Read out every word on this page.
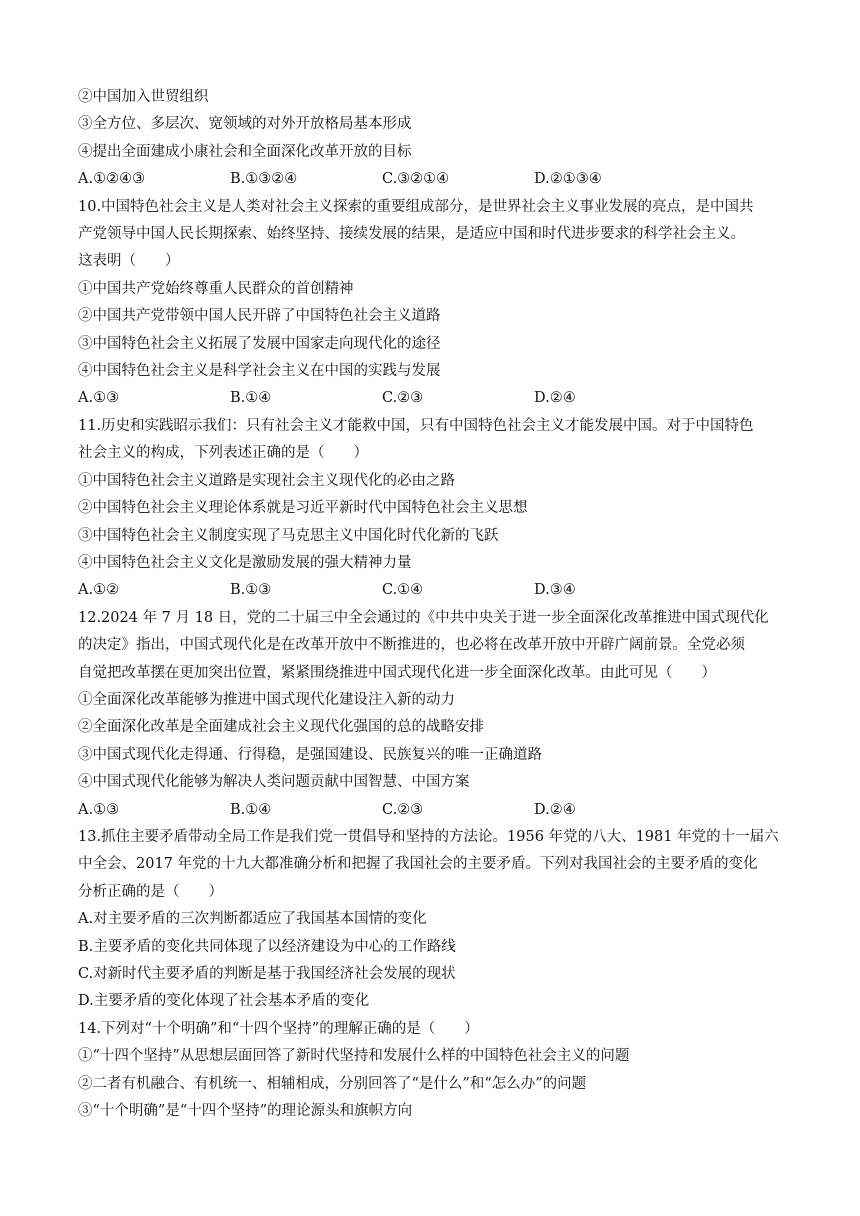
②中国加入世贸组织
③全方位、多层次、宽领域的对外开放格局基本形成
④提出全面建成小康社会和全面深化改革开放的目标
A.①②④③	B.①③②④	C.③②①④	D.②①③④
10.中国特色社会主义是人类对社会主义探索的重要组成部分，是世界社会主义事业发展的亮点，是中国共
产党领导中国人民长期探索、始终坚持、接续发展的结果，是适应中国和时代进步要求的科学社会主义。
这表明（　　）
①中国共产党始终尊重人民群众的首创精神
②中国共产党带领中国人民开辟了中国特色社会主义道路
③中国特色社会主义拓展了发展中国家走向现代化的途径
④中国特色社会主义是科学社会主义在中国的实践与发展
A.①③	B.①④	C.②③	D.②④
11.历史和实践昭示我们：只有社会主义才能救中国，只有中国特色社会主义才能发展中国。对于中国特色
社会主义的构成，下列表述正确的是（　　）
①中国特色社会主义道路是实现社会主义现代化的必由之路
②中国特色社会主义理论体系就是习近平新时代中国特色社会主义思想
③中国特色社会主义制度实现了马克思主义中国化时代化新的飞跃
④中国特色社会主义文化是激励发展的强大精神力量
A.①②	B.①③	C.①④	D.③④
12.2024 年 7 月 18 日，党的二十届三中全会通过的《中共中央关于进一步全面深化改革推进中国式现代化
的决定》指出，中国式现代化是在改革开放中不断推进的，也必将在改革开放中开辟广阔前景。全党必须
自觉把改革摆在更加突出位置，紧紧围绕推进中国式现代化进一步全面深化改革。由此可见（　　）
①全面深化改革能够为推进中国式现代化建设注入新的动力
②全面深化改革是全面建成社会主义现代化强国的总的战略安排
③中国式现代化走得通、行得稳，是强国建设、民族复兴的唯一正确道路
④中国式现代化能够为解决人类问题贡献中国智慧、中国方案
A.①③	B.①④	C.②③	D.②④
13.抓住主要矛盾带动全局工作是我们党一贯倡导和坚持的方法论。1956 年党的八大、1981 年党的十一届六
中全会、2017 年党的十九大都准确分析和把握了我国社会的主要矛盾。下列对我国社会的主要矛盾的变化
分析正确的是（　　）
A.对主要矛盾的三次判断都适应了我国基本国情的变化
B.主要矛盾的变化共同体现了以经济建设为中心的工作路线
C.对新时代主要矛盾的判断是基于我国经济社会发展的现状
D.主要矛盾的变化体现了社会基本矛盾的变化
14.下列对“十个明确”和“十四个坚持”的理解正确的是（　　）
①“十四个坚持”从思想层面回答了新时代坚持和发展什么样的中国特色社会主义的问题
②二者有机融合、有机统一、相辅相成，分别回答了“是什么”和“怎么办”的问题
③“十个明确”是“十四个坚持”的理论源头和旗帜方向
